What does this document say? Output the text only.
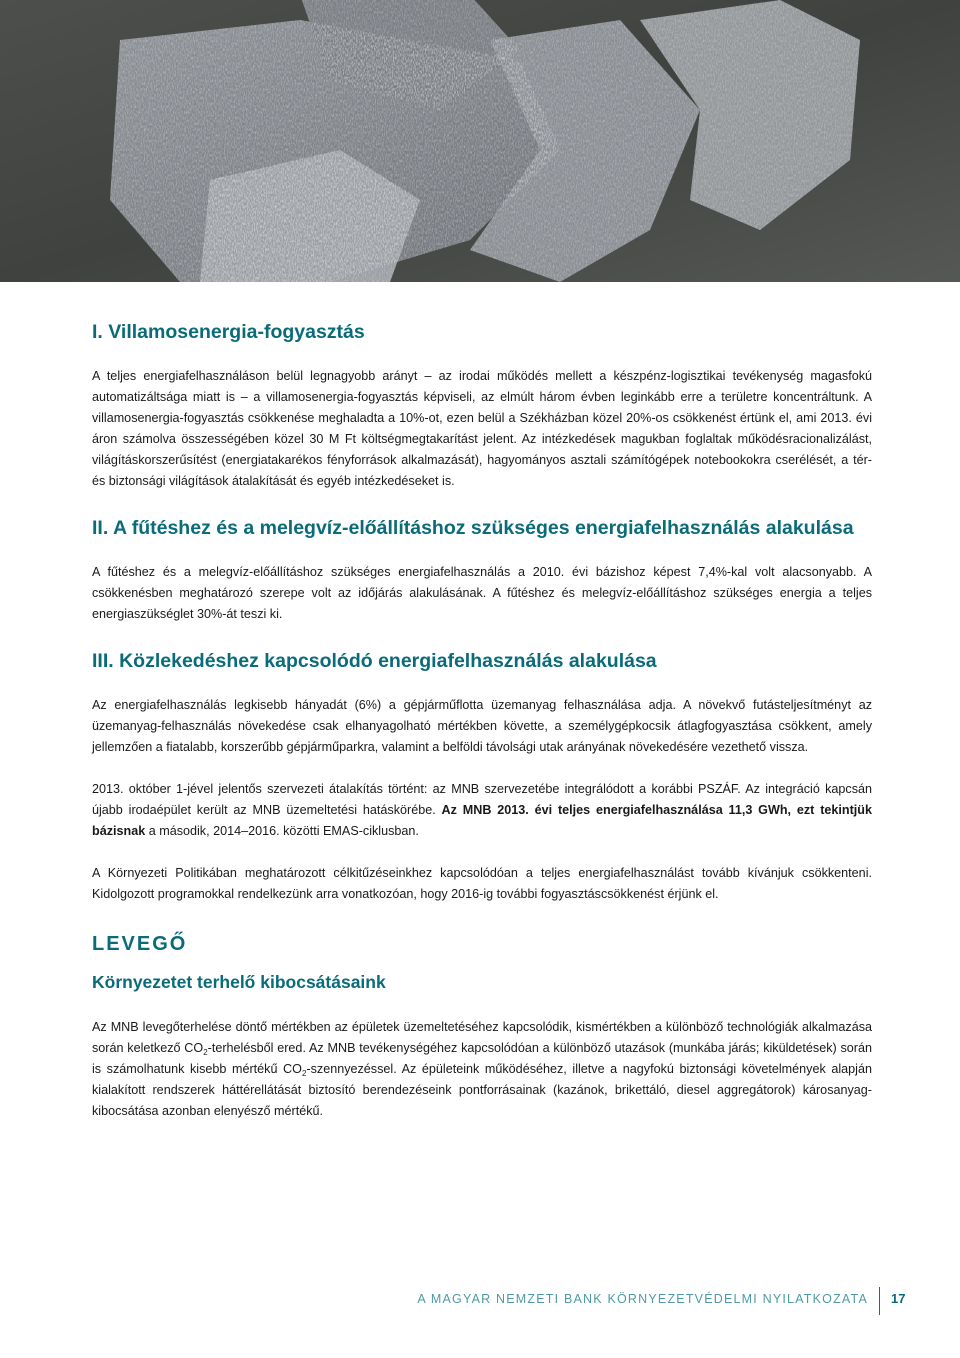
I. Villamosenergia-fogyasztás

A teljes energiafelhasználáson belül legnagyobb arányt – az irodai működés mellett a készpénz-logisztikai tevékenység magasfokú automatizáltsága miatt is – a villamosenergia-fogyasztás képviseli, az elmúlt három évben leginkább erre a területre koncentráltunk. A villamosenergia-fogyasztás csökkenése meghaladta a 10%-ot, ezen belül a Székházban közel 20%-os csökkenést értünk el, ami 2013. évi áron számolva összességében közel 30 M Ft költségmegtakarítást jelent. Az intézkedések magukban foglaltak működésracionalizálást, világításkorszerűsítést (energiatakarékos fényforrások alkalmazását), hagyományos asztali számítógépek notebookokra cserélését, a tér- és biztonsági világítások átalakítását és egyéb intézkedéseket is.

II. A fűtéshez és a melegvíz-előállításhoz szükséges energiafelhasználás alakulása

A fűtéshez és a melegvíz-előállításhoz szükséges energiafelhasználás a 2010. évi bázishoz képest 7,4%-kal volt alacsonyabb. A csökkenésben meghatározó szerepe volt az időjárás alakulásának. A fűtéshez és melegvíz-előállításhoz szükséges energia a teljes energiaszükséglet 30%-át teszi ki.

III. Közlekedéshez kapcsolódó energiafelhasználás alakulása

Az energiafelhasználás legkisebb hányadát (6%) a gépjárműflotta üzemanyag felhasználása adja. A növekvő futásteljesítményt az üzemanyag-felhasználás növekedése csak elhanyagolható mértékben követte, a személygépkocsik átlagfogyasztása csökkent, amely jellemzően a fiatalabb, korszerűbb gépjárműparkra, valamint a belföldi távolsági utak arányának növekedésére vezethető vissza.

2013. október 1-jével jelentős szervezeti átalakítás történt: az MNB szervezetébe integrálódott a korábbi PSZÁF. Az integráció kapcsán újabb irodaépület került az MNB üzemeltetési hatáskörébe. Az MNB 2013. évi teljes energiafelhasználása 11,3 GWh, ezt tekintjük bázisnak a második, 2014–2016. közötti EMAS-ciklusban.

A Környezeti Politikában meghatározott célkitűzéseinkhez kapcsolódóan a teljes energiafelhasználást tovább kívánjuk csökkenteni. Kidolgozott programokkal rendelkezünk arra vonatkozóan, hogy 2016-ig további fogyasztáscsökkenést érjünk el.

LEVEGŐ
Környezetet terhelő kibocsátásaink

Az MNB levegőterhelése döntő mértékben az épületek üzemeltetéséhez kapcsolódik, kismértékben a különböző technológiák alkalmazása során keletkező $CO_2$-terhelésből ered. Az MNB tevékenységéhez kapcsolódóan a különböző utazások (munkába járás; kiküldetések) során is számolhatunk kisebb mértékű $CO_2$-szennyezéssel. Az épületeink működéséhez, illetve a nagyfokú biztonsági követelmények alapján kialakított rendszerek háttérellátását biztosító berendezéseink pontforrásainak (kazánok, brikettáló, diesel aggregátorok) károsanyag-kibocsátása azonban elenyésző mértékű.

A MAGYAR NEMZETI BANK KÖRNYEZETVÉDELMI NYILATKOZATA 17
